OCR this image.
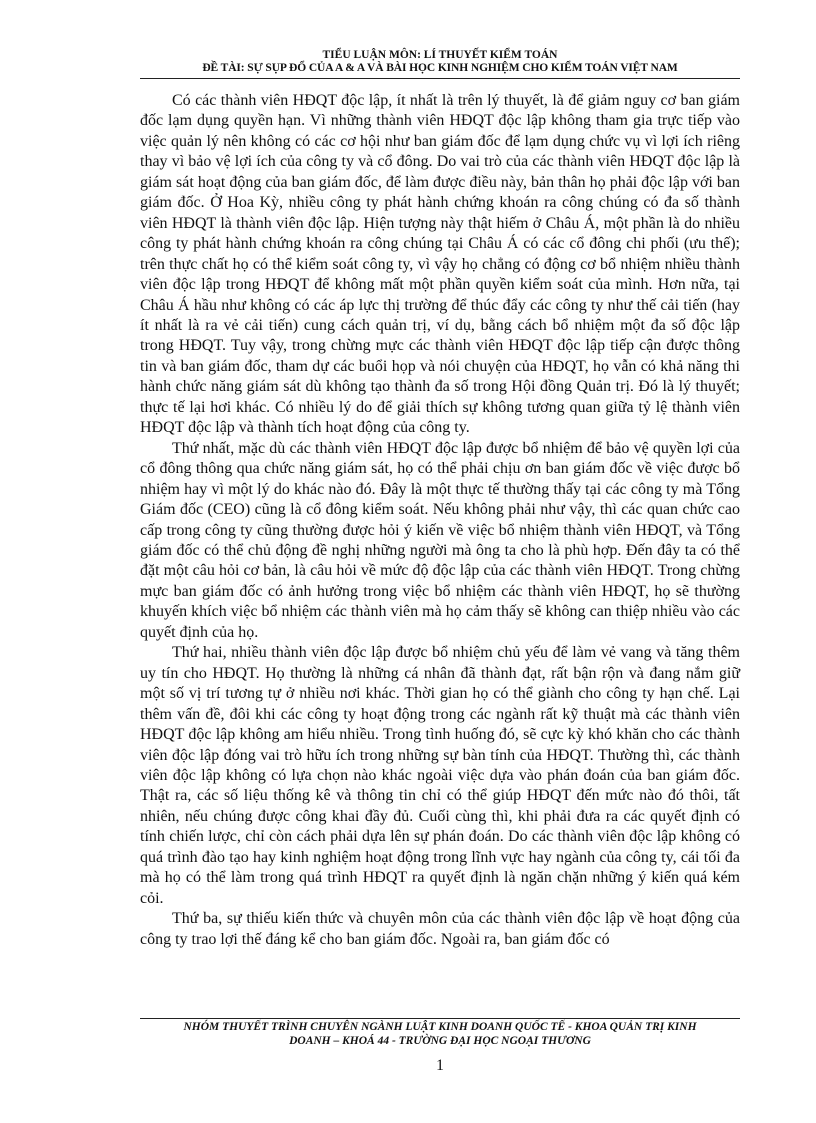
TIỂU LUẬN MÔN: LÍ THUYẾT KIỂM TOÁN
ĐỀ TÀI: SỰ SỤP ĐỔ CỦA A & A VÀ BÀI HỌC KINH NGHIỆM CHO KIỂM TOÁN VIỆT NAM

Có các thành viên HĐQT độc lập, ít nhất là trên lý thuyết, là để giảm nguy cơ ban giám đốc lạm dụng quyền hạn. Vì những thành viên HĐQT độc lập không tham gia trực tiếp vào việc quản lý nên không có các cơ hội như ban giám đốc để lạm dụng chức vụ vì lợi ích riêng thay vì bảo vệ lợi ích của công ty và cổ đông. Do vai trò của các thành viên HĐQT độc lập là giám sát hoạt động của ban giám đốc, để làm được điều này, bản thân họ phải độc lập với ban giám đốc. Ở Hoa Kỳ, nhiều công ty phát hành chứng khoán ra công chúng có đa số thành viên HĐQT là thành viên độc lập. Hiện tượng này thật hiếm ở Châu Á, một phần là do nhiều công ty phát hành chứng khoán ra công chúng tại Châu Á có các cổ đông chi phối (ưu thế); trên thực chất họ có thể kiểm soát công ty, vì vậy họ chẳng có động cơ bổ nhiệm nhiều thành viên độc lập trong HĐQT để không mất một phần quyền kiểm soát của mình. Hơn nữa, tại Châu Á hầu như không có các áp lực thị trường để thúc đẩy các công ty như thế cải tiến (hay ít nhất là ra vẻ cải tiến) cung cách quản trị, ví dụ, bằng cách bổ nhiệm một đa số độc lập trong HĐQT. Tuy vậy, trong chừng mực các thành viên HĐQT độc lập tiếp cận được thông tin và ban giám đốc, tham dự các buổi họp và nói chuyện của HĐQT, họ vẫn có khả năng thi hành chức năng giám sát dù không tạo thành đa số trong Hội đồng Quản trị. Đó là lý thuyết; thực tế lại hơi khác. Có nhiều lý do để giải thích sự không tương quan giữa tỷ lệ thành viên HĐQT độc lập và thành tích hoạt động của công ty.

Thứ nhất, mặc dù các thành viên HĐQT độc lập được bổ nhiệm để bảo vệ quyền lợi của cổ đông thông qua chức năng giám sát, họ có thể phải chịu ơn ban giám đốc về việc được bổ nhiệm hay vì một lý do khác nào đó. Đây là một thực tế thường thấy tại các công ty mà Tổng Giám đốc (CEO) cũng là cổ đông kiểm soát. Nếu không phải như vậy, thì các quan chức cao cấp trong công ty cũng thường được hỏi ý kiến về việc bổ nhiệm thành viên HĐQT, và Tổng giám đốc có thể chủ động đề nghị những người mà ông ta cho là phù hợp. Đến đây ta có thể đặt một câu hỏi cơ bản, là câu hỏi về mức độ độc lập của các thành viên HĐQT. Trong chừng mực ban giám đốc có ảnh hưởng trong việc bổ nhiệm các thành viên HĐQT, họ sẽ thường khuyến khích việc bổ nhiệm các thành viên mà họ cảm thấy sẽ không can thiệp nhiều vào các quyết định của họ.

Thứ hai, nhiều thành viên độc lập được bổ nhiệm chủ yếu để làm vẻ vang và tăng thêm uy tín cho HĐQT. Họ thường là những cá nhân đã thành đạt, rất bận rộn và đang nắm giữ một số vị trí tương tự ở nhiều nơi khác. Thời gian họ có thể giành cho công ty hạn chế. Lại thêm vấn đề, đôi khi các công ty hoạt động trong các ngành rất kỹ thuật mà các thành viên HĐQT độc lập không am hiểu nhiều. Trong tình huống đó, sẽ cực kỳ khó khăn cho các thành viên độc lập đóng vai trò hữu ích trong những sự bàn tính của HĐQT. Thường thì, các thành viên độc lập không có lựa chọn nào khác ngoài việc dựa vào phán đoán của ban giám đốc. Thật ra, các số liệu thống kê và thông tin chỉ có thể giúp HĐQT đến mức nào đó thôi, tất nhiên, nếu chúng được công khai đầy đủ. Cuối cùng thì, khi phải đưa ra các quyết định có tính chiến lược, chỉ còn cách phải dựa lên sự phán đoán. Do các thành viên độc lập không có quá trình đào tạo hay kinh nghiệm hoạt động trong lĩnh vực hay ngành của công ty, cái tối đa mà họ có thể làm trong quá trình HĐQT ra quyết định là ngăn chặn những ý kiến quá kém cỏi.

Thứ ba, sự thiếu kiến thức và chuyên môn của các thành viên độc lập về hoạt động của công ty trao lợi thế đáng kể cho ban giám đốc. Ngoài ra, ban giám đốc có

NHÓM THUYẾT TRÌNH CHUYÊN NGÀNH LUẬT KINH DOANH QUỐC TẾ - KHOA QUẢN TRỊ KINH
DOANH – KHOÁ 44 - TRƯỜNG ĐẠI HỌC NGOẠI THƯƠNG
1
